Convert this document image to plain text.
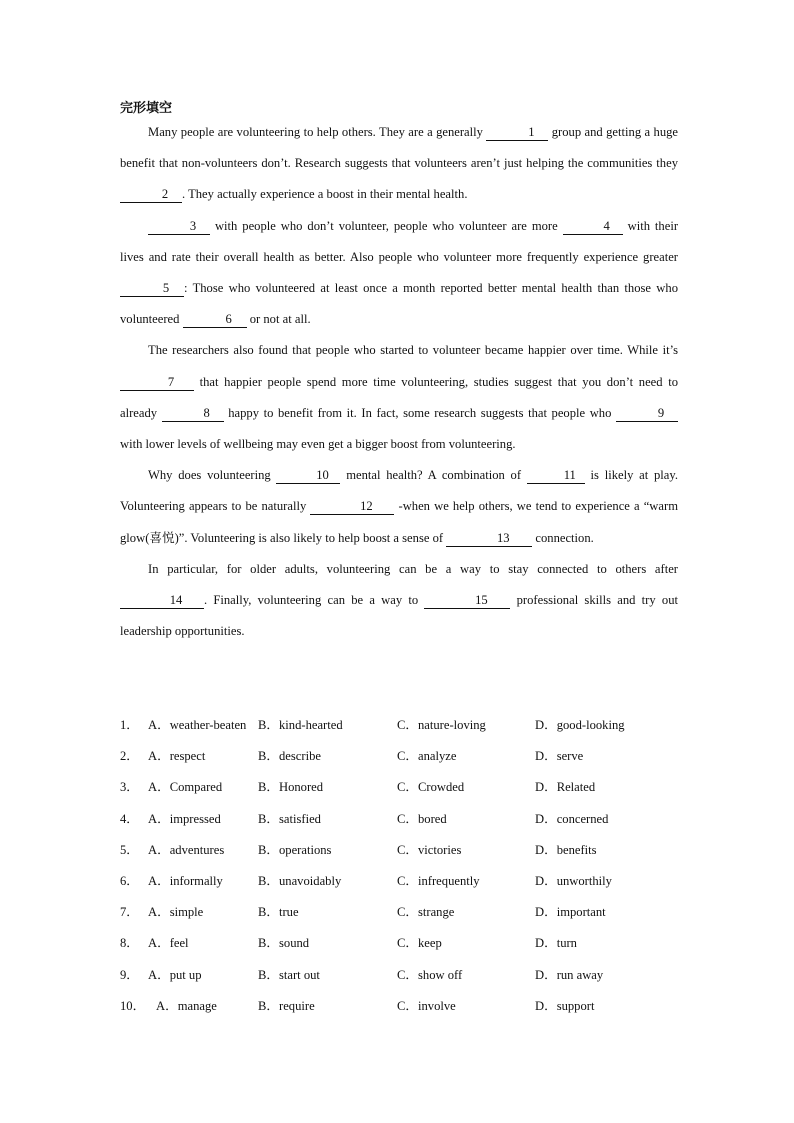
完形填空

Many people are volunteering to help others. They are a generally	1 group and getting a huge benefit that non-volunteers don’t. Research suggests that volunteers aren’t just helping the communities they 2 . They actually experience a boost in their mental health.

3 with people who don’t volunteer, people who volunteer are more	4 with their lives and rate their overall health as better. Also people who volunteer more frequently experience greater 5 : Those who volunteered at least once a month reported better mental health than those who volunteered	6 or not at all.

The researchers also found that people who started to volunteer became happier over time. While it’s 7 that happier people spend more time volunteering, studies suggest that you don’t need to already	8 happy to benefit from it. In fact, some research suggests that people who	9 with lower levels of wellbeing may even get a bigger boost from volunteering.

Why does volunteering	10 mental health? A combination of	11 is likely at play. Volunteering appears to be naturally	12 -when we help others, we tend to experience a “warm glow(喜悦)”. Volunteering is also likely to help boost a sense of	13 connection.

In particular, for older adults, volunteering can be a way to stay connected to others after 14 . Finally, volunteering can be a way to	15 professional skills and try out leadership opportunities.

1． A．weather-beaten B．kind-hearted	C．nature-loving	D．good-looking
2． A．respect	B．describe	C．analyze	D．serve
3． A．Compared	B．Honored	C．Crowded	D．Related
4． A．impressed	B．satisfied	C．bored	D．concerned
5． A．adventures	B．operations	C．victories	D．benefits
6． A．informally	B．unavoidably	C．infrequently	D．unworthily
7． A．simple	B．true	C．strange	D．important
8． A．feel	B．sound	C．keep	D．turn
9． A．put up	B．start out	C．show off	D．run away
10． A．manage	B．require	C．involve	D．support
